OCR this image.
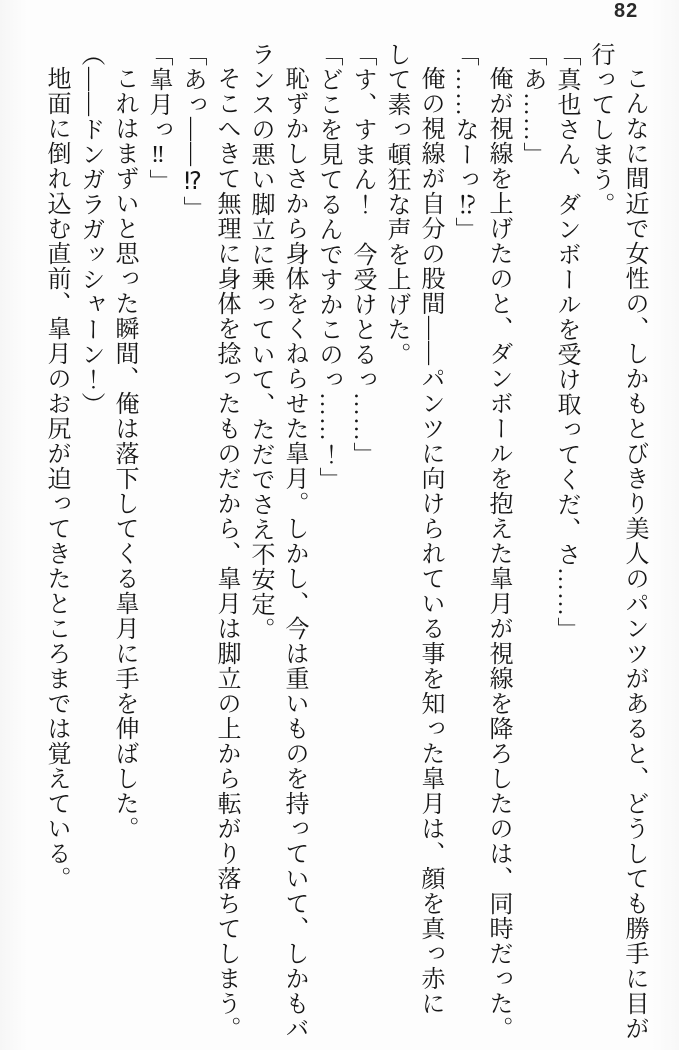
82
こんなに間近で女性の、しかもとびきり美人のパンツがあると、どうしても勝手に目が
行ってしまう。
「真也さん、ダンボールを受け取ってくだ、さ……」
「あ……」
俺が視線を上げたのと、ダンボールを抱えた皐月が視線を降ろしたのは、同時だった。
「……なーっ⁉」
俺の視線が自分の股間――パンツに向けられている事を知った皐月は、顔を真っ赤に
して素っ頓狂な声を上げた。
「す、すまん！　今受けとるっ……」
「どこを見てるんですかこのっ……！」
恥ずかしさから身体をくねらせた皐月。しかし、今は重いものを持っていて、しかもバ
ランスの悪い脚立に乗っていて、ただでさえ不安定。
そこへきて無理に身体を捻ったものだから、皐月は脚立の上から転がり落ちてしまう。
「あっ――⁉」
「皐月っ‼」
これはまずいと思った瞬間、俺は落下してくる皐月に手を伸ばした。
（――ドンガラガッシャーン！）
地面に倒れ込む直前、皐月のお尻が迫ってきたところまでは覚えている。
